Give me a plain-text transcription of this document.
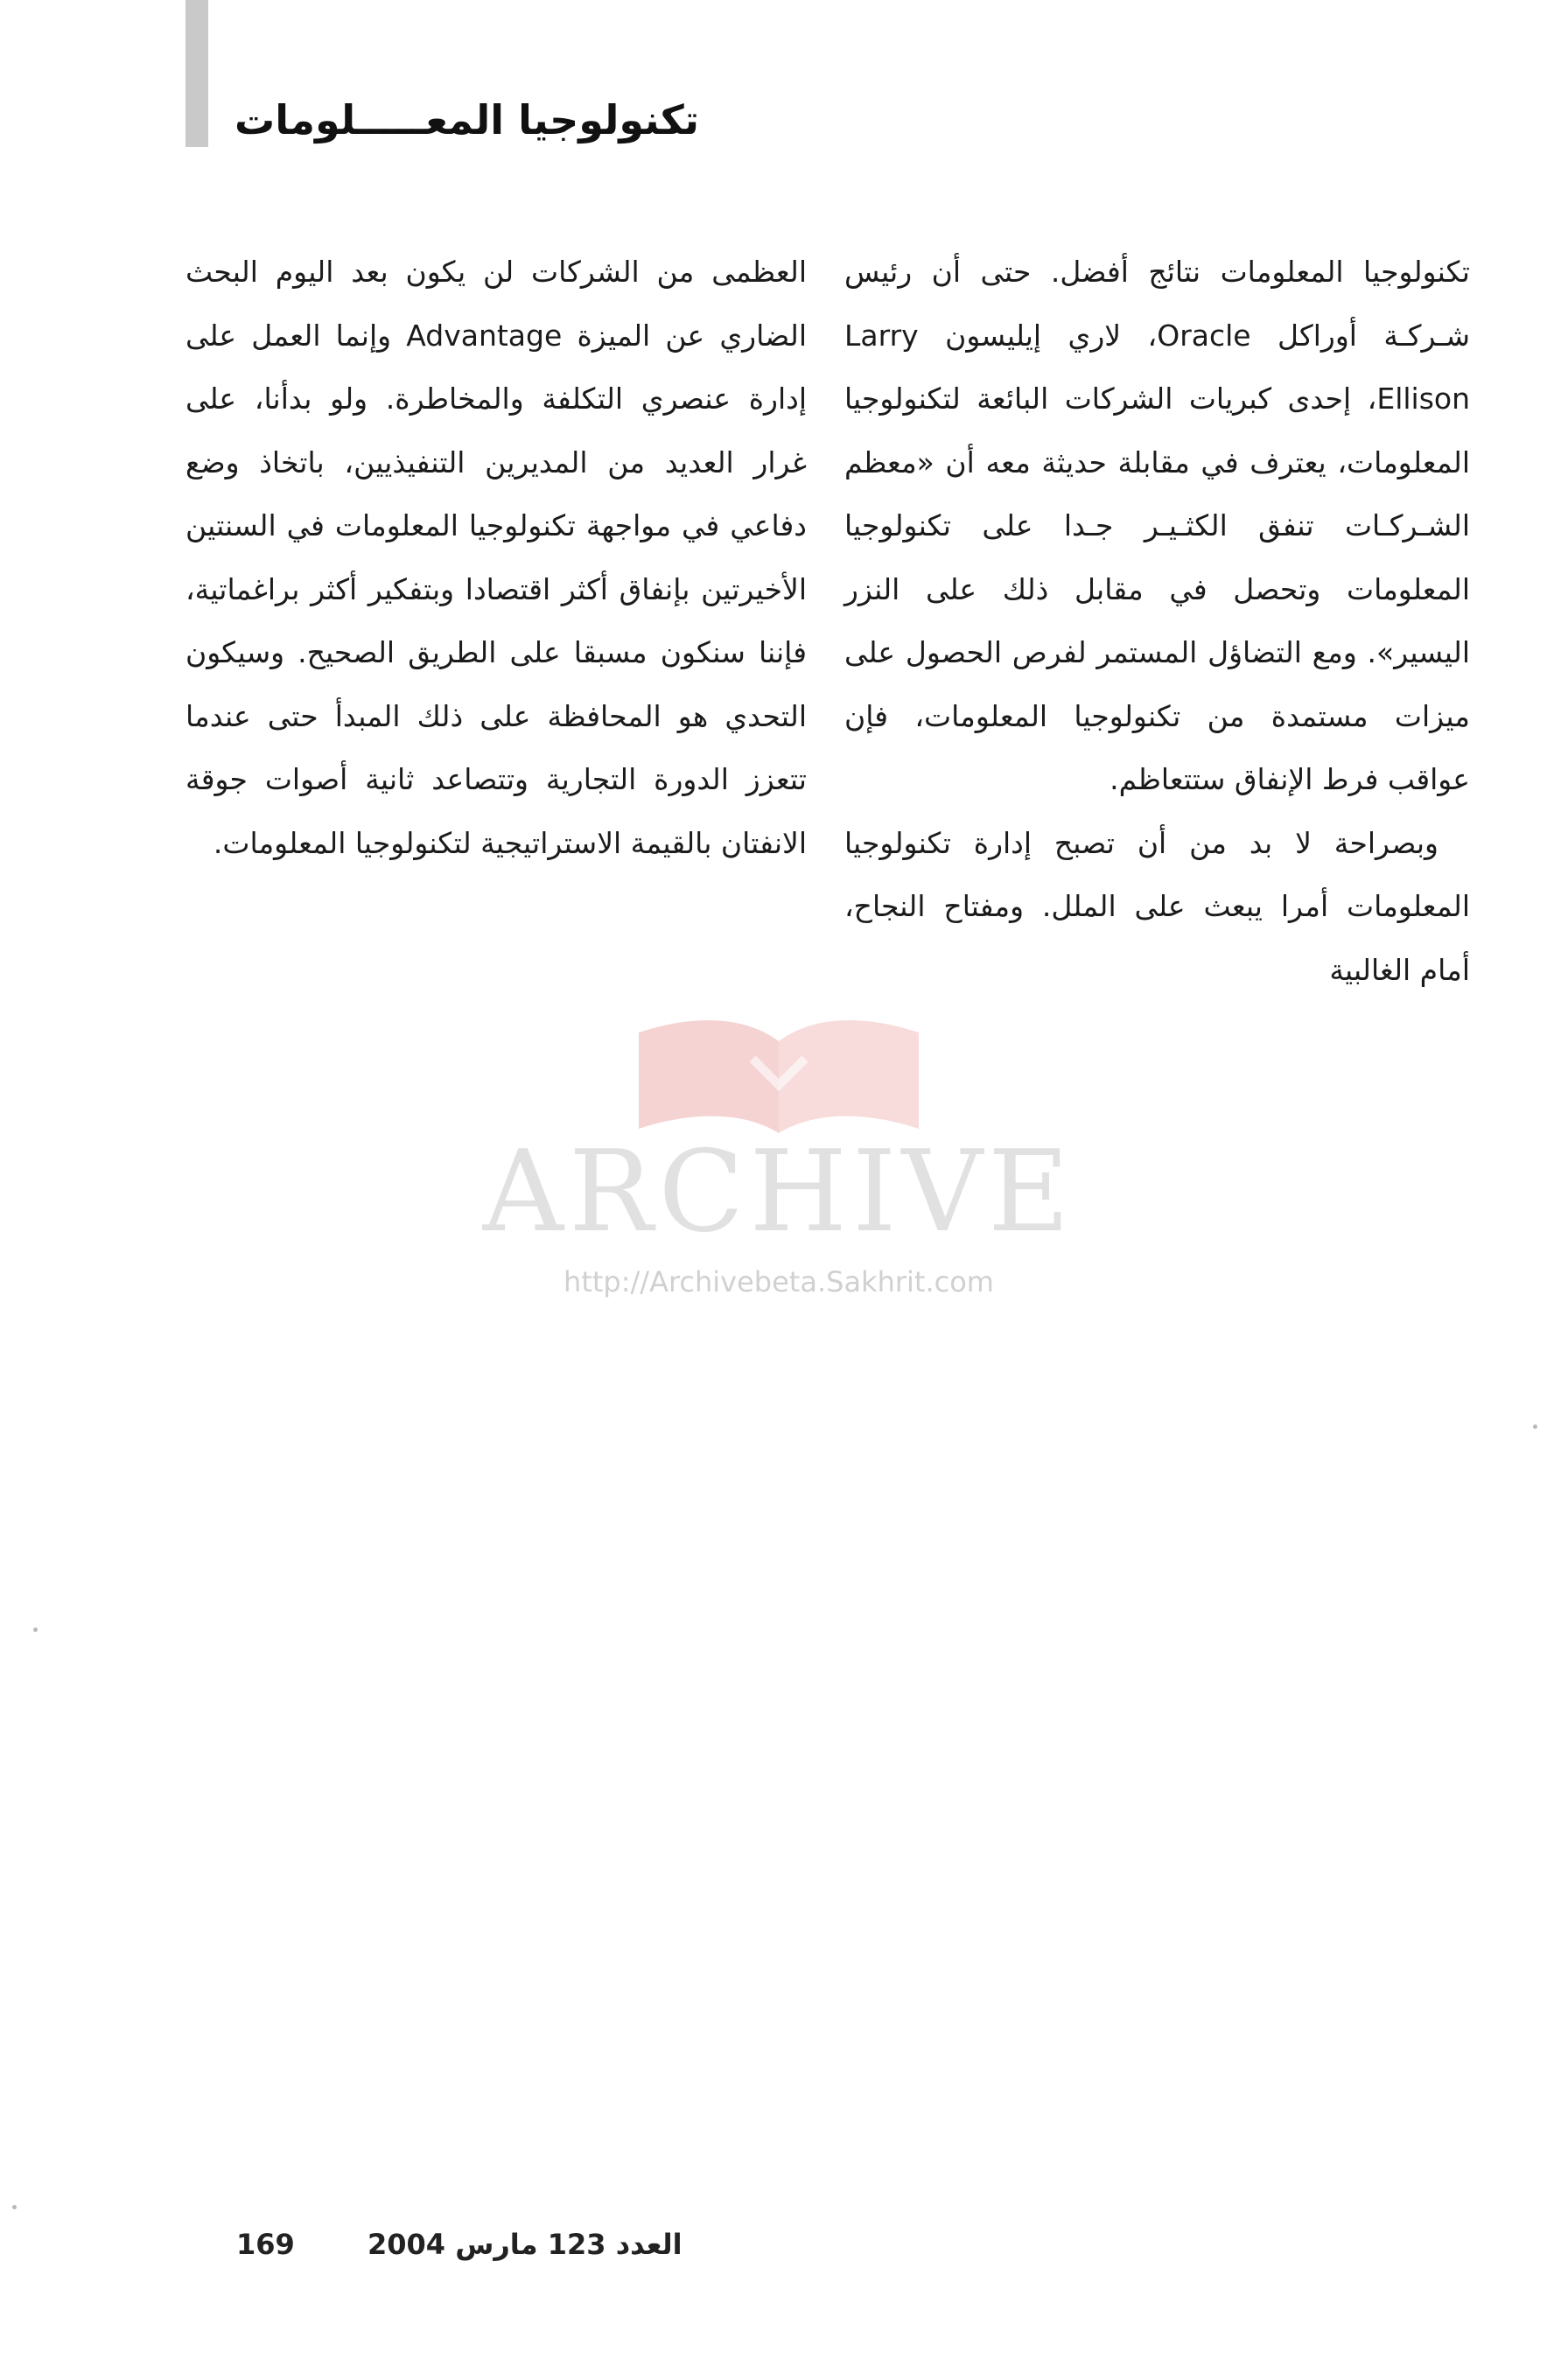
تكنولوجيا المعـــــلومات

تكنولوجيا المعلومات نتائج أفضل. حتى أن رئيس شـركـة أوراكل Oracle، لاري إيليسون Larry Ellison، إحدى كبريات الشركات البائعة لتكنولوجيا المعلومات، يعترف في مقابلة حديثة معه أن «معظم الشـركـات تنفق الكثـيـر جـدا على تكنولوجيا المعلومات وتحصل في مقابل ذلك على النزر اليسير». ومع التضاؤل المستمر لفرص الحصول على ميزات مستمدة من تكنولوجيا المعلومات، فإن عواقب فرط الإنفاق ستتعاظم.

وبصراحة لا بد من أن تصبح إدارة تكنولوجيا المعلومات أمرا يبعث على الملل. ومفتاح النجاح، أمام الغالبية

العظمى من الشركات لن يكون بعد اليوم البحث الضاري عن الميزة Advantage وإنما العمل على إدارة عنصري التكلفة والمخاطرة. ولو بدأنا، على غرار العديد من المديرين التنفيذيين، باتخاذ وضع دفاعي في مواجهة تكنولوجيا المعلومات في السنتين الأخيرتين بإنفاق أكثر اقتصادا وبتفكير أكثر براغماتية، فإننا سنكون مسبقا على الطريق الصحيح. وسيكون التحدي هو المحافظة على ذلك المبدأ حتى عندما تتعزز الدورة التجارية وتتصاعد ثانية أصوات جوقة الانفتان بالقيمة الاستراتيجية لتكنولوجيا المعلومات.

ARCHIVE
http://Archivebeta.Sakhrit.com
169	العدد 123 مارس 2004
